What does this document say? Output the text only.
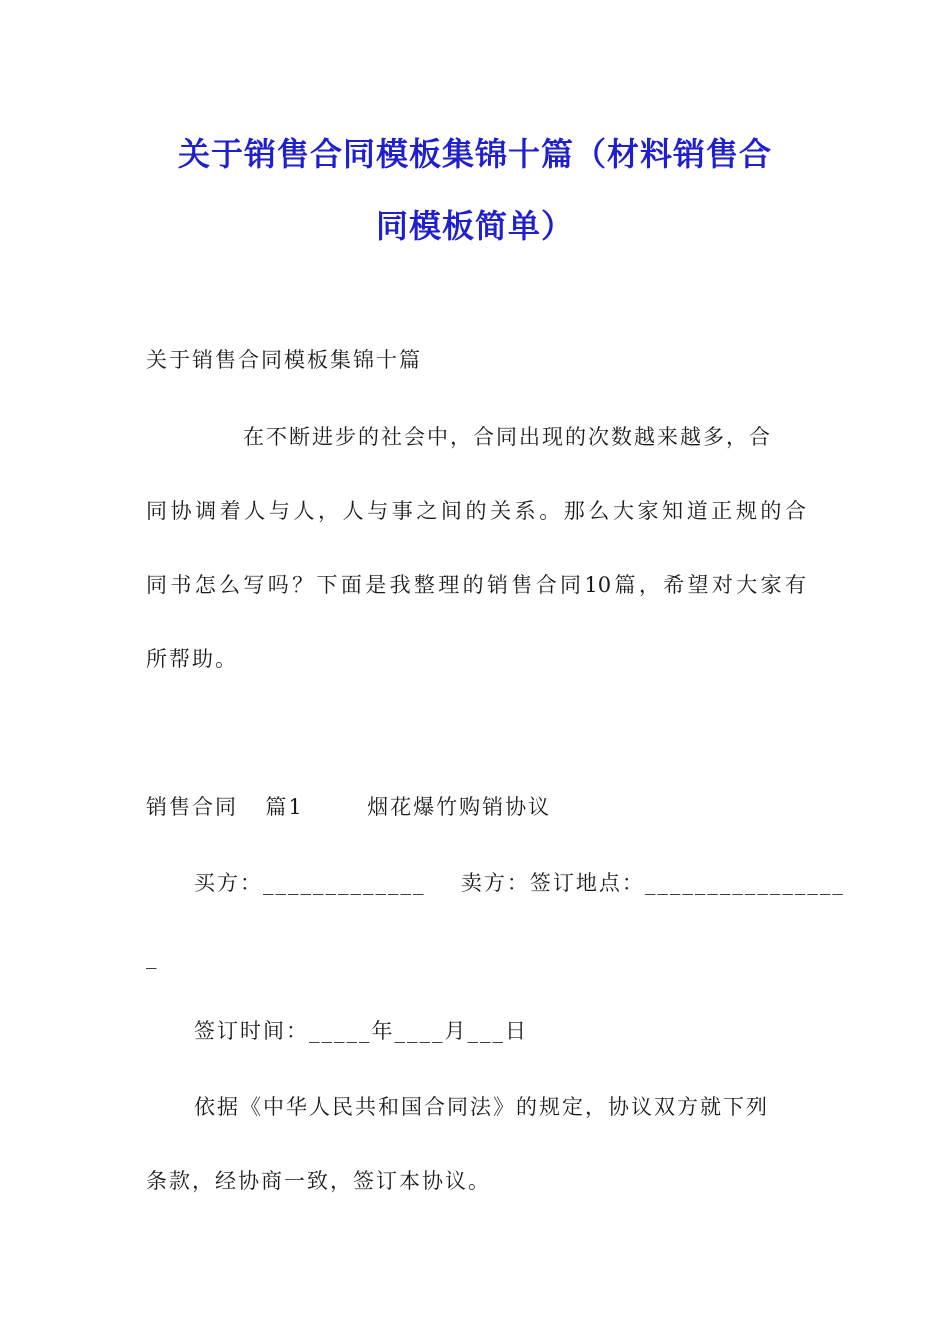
关于销售合同模板集锦十篇（材料销售合
同模板简单）
关于销售合同模板集锦十篇
在不断进步的社会中，合同出现的次数越来越多，合
同协调着人与人，人与事之间的关系。那么大家知道正规的合
同书怎么写吗？下面是我整理的销售合同10篇，希望对大家有
所帮助。
销售合同 篇1	烟花爆竹购销协议
买方：_____________ 卖方：签订地点：________________
_
签订时间：_____年____月___日
依据《中华人民共和国合同法》的规定，协议双方就下列
条款，经协商一致，签订本协议。
